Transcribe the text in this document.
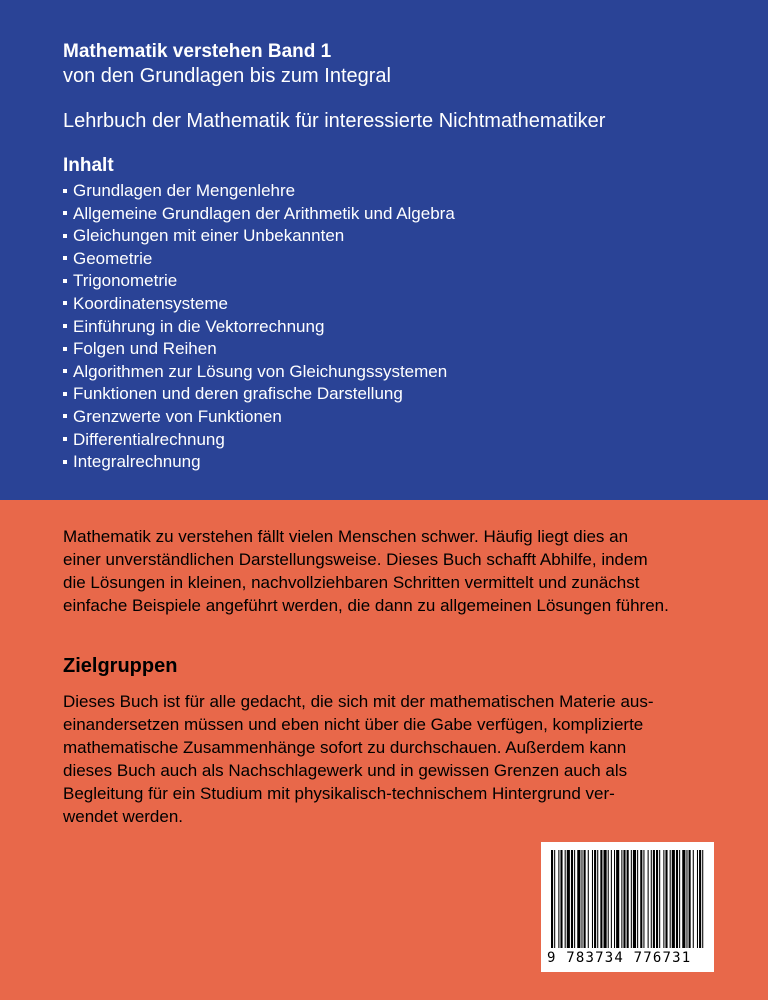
Mathematik verstehen Band 1

von den Grundlagen bis zum Integral

Lehrbuch der Mathematik für interessierte Nichtmathematiker

Inhalt
Grundlagen der Mengenlehre
Allgemeine Grundlagen der Arithmetik und Algebra
Gleichungen mit einer Unbekannten
Geometrie
Trigonometrie
Koordinatensysteme
Einführung in die Vektorrechnung
Folgen und Reihen
Algorithmen zur Lösung von Gleichungssystemen
Funktionen und deren grafische Darstellung
Grenzwerte von Funktionen
Differentialrechnung
Integralrechnung

Mathematik zu verstehen fällt vielen Menschen schwer. Häufig liegt dies an
einer unverständlichen Darstellungsweise. Dieses Buch schafft Abhilfe, indem
die Lösungen in kleinen, nachvollziehbaren Schritten vermittelt und zunächst
einfache Beispiele angeführt werden, die dann zu allgemeinen Lösungen führen.

Zielgruppen

Dieses Buch ist für alle gedacht, die sich mit der mathematischen Materie aus-
einandersetzen müssen und eben nicht über die Gabe verfügen, komplizierte
mathematische Zusammenhänge sofort zu durchschauen. Außerdem kann
dieses Buch auch als Nachschlagewerk und in gewissen Grenzen auch als
Begleitung für ein Studium mit physikalisch-technischem Hintergrund ver-
wendet werden.

9 783734 776731
